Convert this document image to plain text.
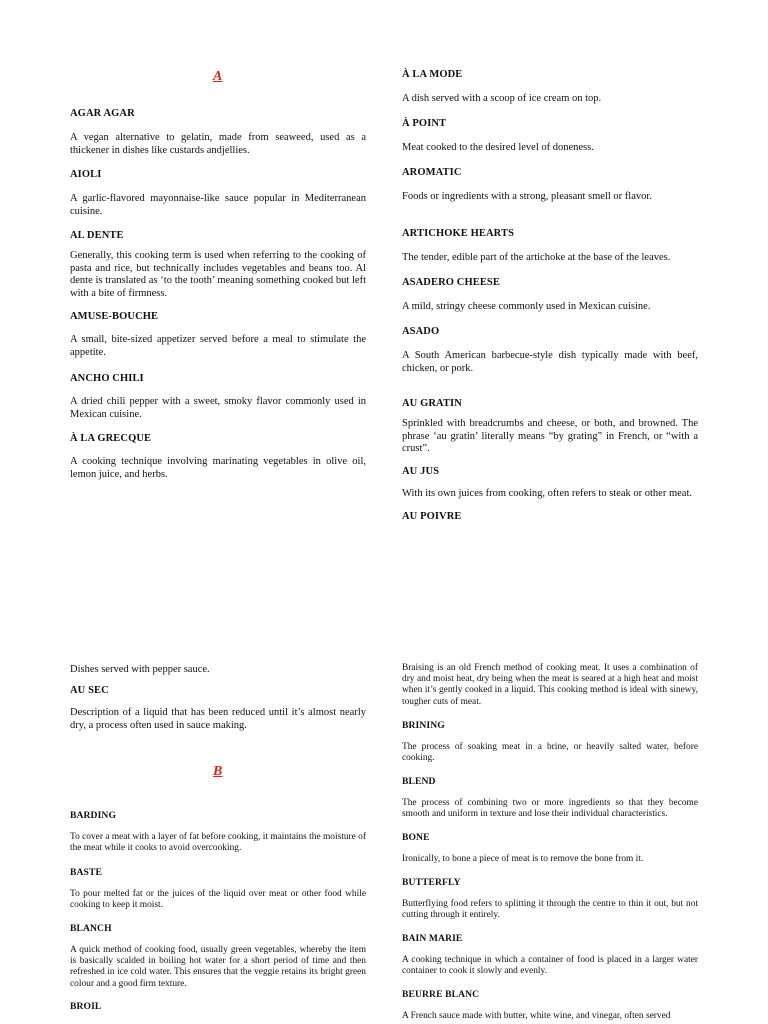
A
B

AGAR AGAR

A vegan alternative to gelatin, made from seaweed, used as a thickener in dishes like custards andjellies.

AIOLI

A garlic-flavored mayonnaise-like sauce popular in Mediterranean cuisine.

AL DENTE

Generally, this cooking term is used when referring to the cooking of pasta and rice, but technically includes vegetables and beans too. Al dente is translated as ‘to the tooth’ meaning something cooked but left with a bite of firmness.

AMUSE-BOUCHE

A small, bite-sized appetizer served before a meal to stimulate the appetite.

ANCHO CHILI

A dried chili pepper with a sweet, smoky flavor commonly used in Mexican cuisine.

À LA GRECQUE

A cooking technique involving marinating vegetables in olive oil, lemon juice, and herbs.

À LA MODE

A dish served with a scoop of ice cream on top.

À POINT

Meat cooked to the desired level of doneness.

AROMATIC

Foods or ingredients with a strong, pleasant smell or flavor.

ARTICHOKE HEARTS

The tender, edible part of the artichoke at the base of the leaves.

ASADERO CHEESE

A mild, stringy cheese commonly used in Mexican cuisine.

ASADO

A South American barbecue-style dish typically made with beef, chicken, or pork.

AU GRATIN

Sprinkled with breadcrumbs and cheese, or both, and browned. The phrase ‘au gratin’ literally means “by grating” in French, or “with a crust”.

AU JUS

With its own juices from cooking, often refers to steak or other meat.

AU POIVRE

Dishes served with pepper sauce.

AU SEC

Description of a liquid that has been reduced until it’s almost nearly dry, a process often used in sauce making.

BARDING

To cover a meat with a layer of fat before cooking, it maintains the moisture of the meat while it cooks to avoid overcooking.

BASTE

To pour melted fat or the juices of the liquid over meat or other food while cooking to keep it moist.

BLANCH

A quick method of cooking food, usually green vegetables, whereby the item is basically scalded in boiling hot water for a short period of time and then refreshed in ice cold water. This ensures that the veggie retains its bright green colour and a good firm texture.

BROIL

Braising is an old French method of cooking meat. It uses a combination of dry and moist heat, dry being when the meat is seared at a high heat and moist when it’s gently cooked in a liquid. This cooking method is ideal with sinewy, tougher cuts of meat.

BRINING

The process of soaking meat in a brine, or heavily salted water, before cooking.

BLEND

The process of combining two or more ingredients so that they become smooth and uniform in texture and lose their individual characteristics.

BONE

Ironically, to bone a piece of meat is to remove the bone from it.

BUTTERFLY

Butterflying food refers to splitting it through the centre to thin it out, but not cutting through it entirely.

BAIN MARIE

A cooking technique in which a container of food is placed in a larger water container to cook it slowly and evenly.

BEURRE BLANC

A French sauce made with butter, white wine, and vinegar, often served
